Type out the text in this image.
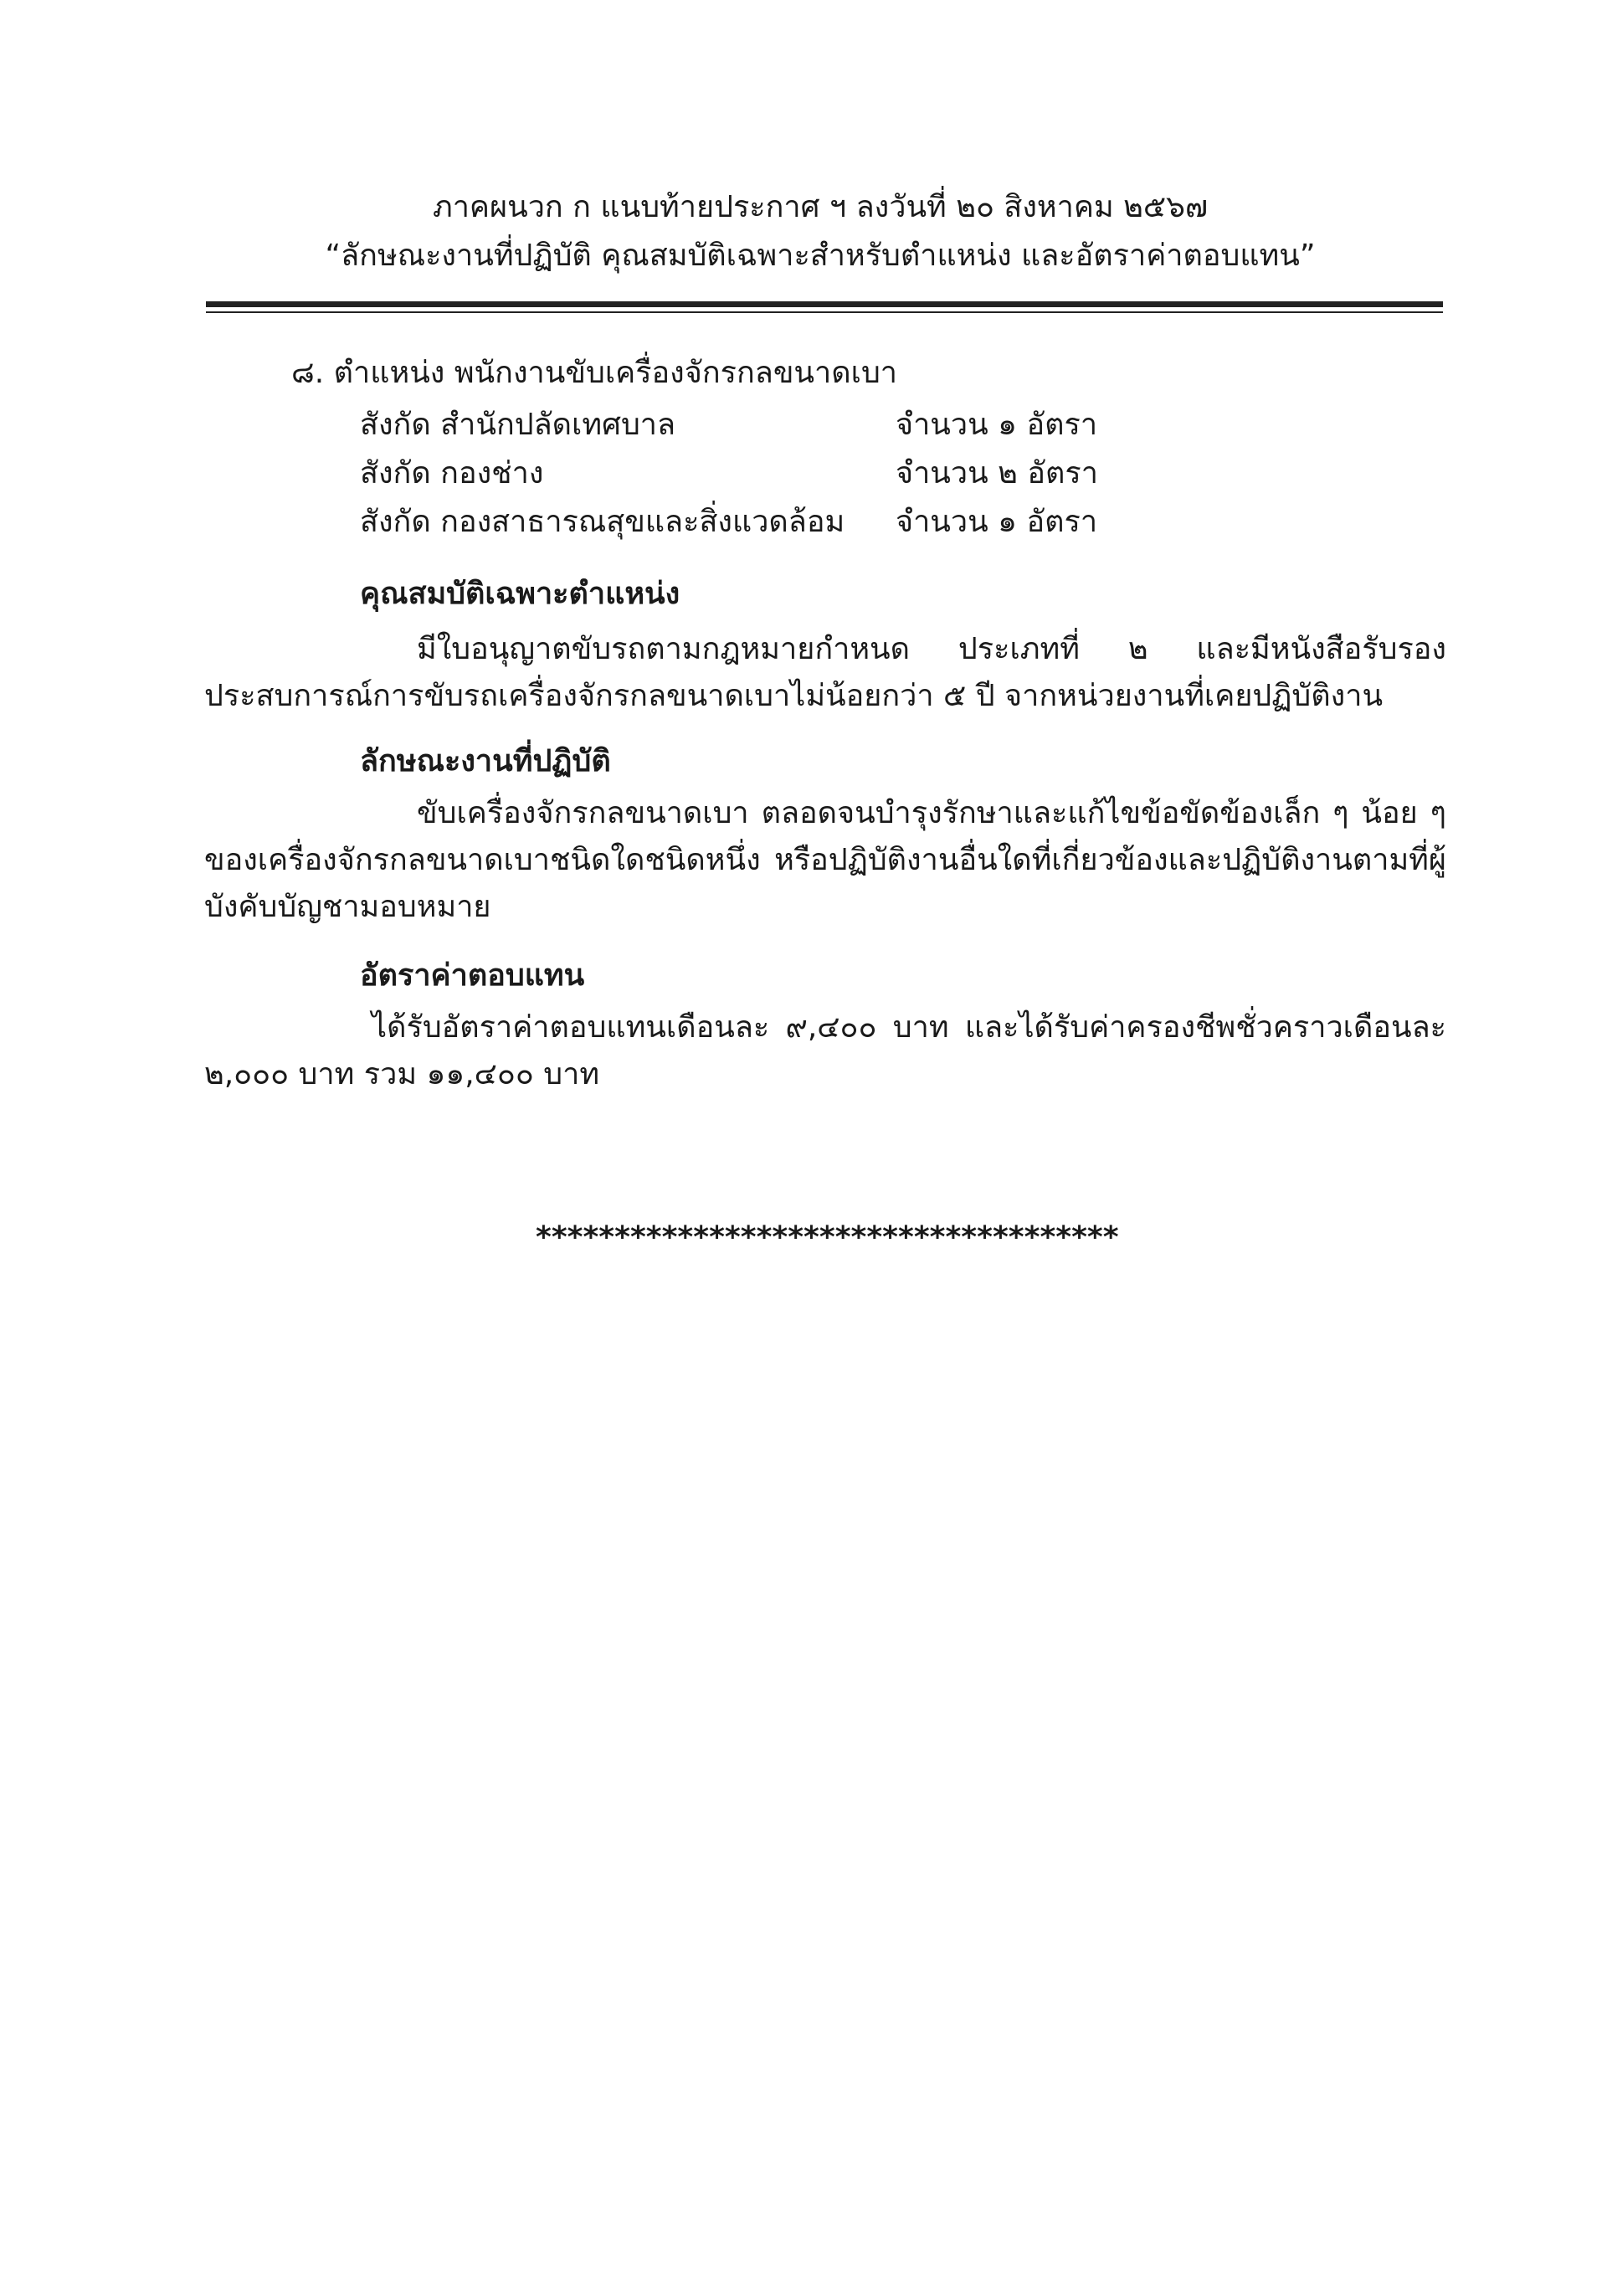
ภาคผนวก ก แนบท้ายประกาศ ฯ ลงวันที่ ๒๐ สิงหาคม ๒๕๖๗
“ลักษณะงานที่ปฏิบัติ คุณสมบัติเฉพาะสำหรับตำแหน่ง และอัตราค่าตอบแทน”
๘. ตำแหน่ง พนักงานขับเครื่องจักรกลขนาดเบา
สังกัด สำนักปลัดเทศบาล	จำนวน ๑ อัตรา
สังกัด กองช่าง	จำนวน ๒ อัตรา
สังกัด กองสาธารณสุขและสิ่งแวดล้อม จำนวน ๑ อัตรา
คุณสมบัติเฉพาะตำแหน่ง
มีใบอนุญาตขับรถตามกฎหมายกำหนด ประเภทที่ ๒ และมีหนังสือรับรองประสบการณ์การขับรถเครื่องจักรกลขนาดเบาไม่น้อยกว่า ๕ ปี จากหน่วยงานที่เคยปฏิบัติงาน
ลักษณะงานที่ปฏิบัติ
ขับเครื่องจักรกลขนาดเบา ตลอดจนบำรุงรักษาและแก้ไขข้อขัดข้องเล็ก ๆ น้อย ๆ ของเครื่องจักรกลขนาดเบาชนิดใดชนิดหนึ่ง หรือปฏิบัติงานอื่นใดที่เกี่ยวข้องและปฏิบัติงานตามที่ผู้บังคับบัญชามอบหมาย
อัตราค่าตอบแทน
ได้รับอัตราค่าตอบแทนเดือนละ ๙,๔๐๐ บาท และได้รับค่าครองชีพชั่วคราวเดือนละ ๒,๐๐๐ บาท รวม ๑๑,๔๐๐ บาท
*************************************
